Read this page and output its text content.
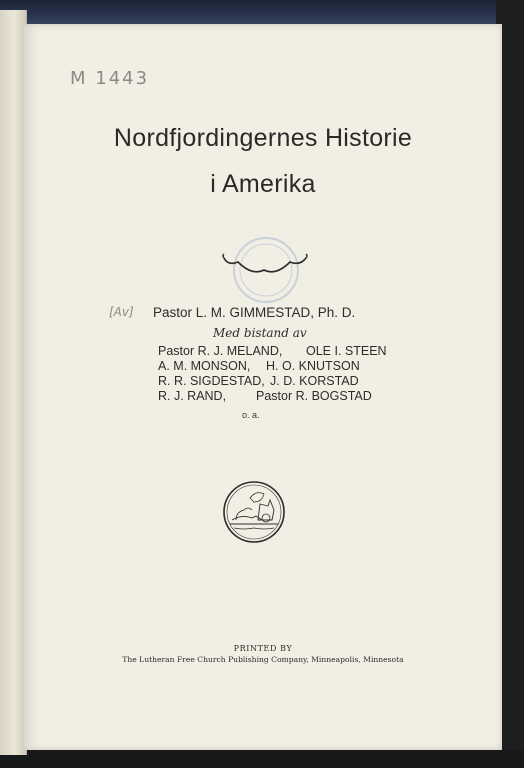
M 1443
Nordfjordingernes Historie
i Amerika
[Av] Pastor L. M. GIMMESTAD, Ph. D.
Med bistand av
Pastor R. J. MELAND, OLE I. STEEN
A. M. MONSON, H. O. KNUTSON
R. R. SIGDESTAD, J. D. KORSTAD
R. J. RAND, Pastor R. BOGSTAD
o. a.
PRINTED BY
The Lutheran Free Church Publishing Company, Minneapolis, Minnesota
